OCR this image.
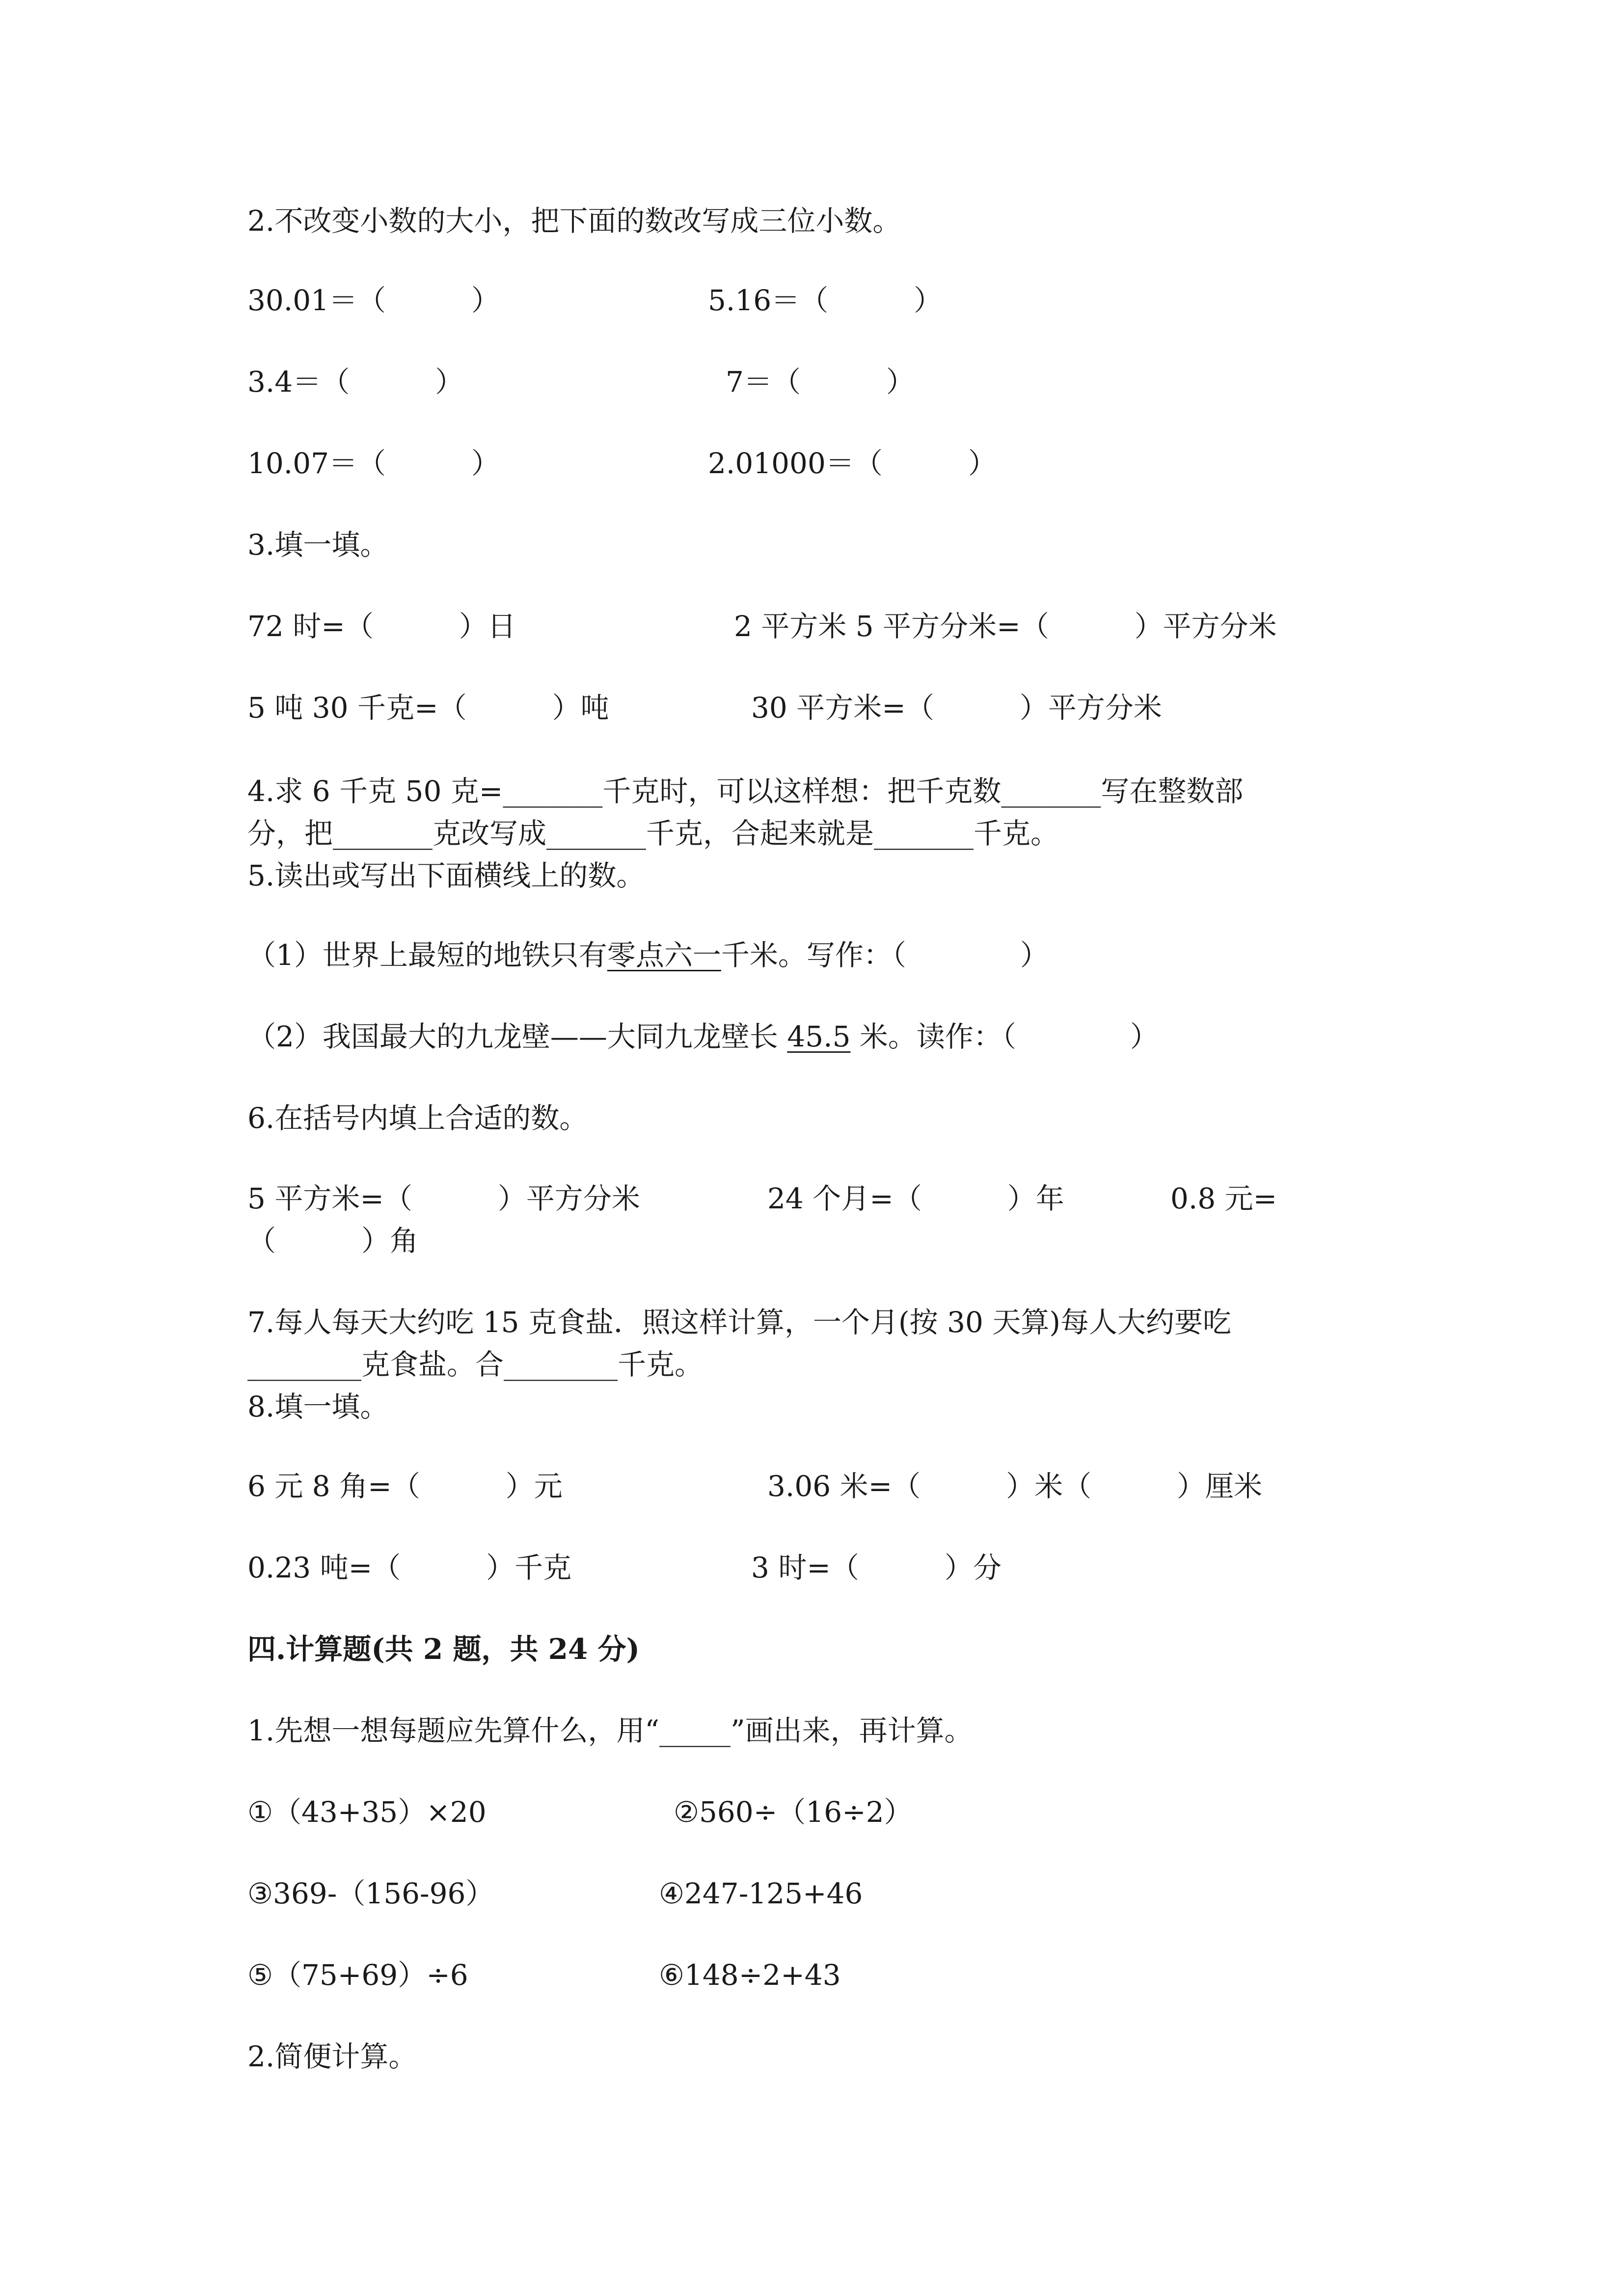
2.不改变小数的大小，把下面的数改写成三位小数。
30.01＝（　　　）	5.16＝（　　　）
3.4＝（　　　）	7＝（　　　）
10.07＝（　　　）	2.01000＝（　　　）
3.填一填。
72 时=（　　　）日	2 平方米 5 平方分米=（　　　）平方分米
5 吨 30 千克=（　　　）吨	30 平方米=（　　　）平方分米
4.求 6 千克 50 克=_______千克时，可以这样想：把千克数_______写在整数部
分，把_______克改写成_______千克，合起来就是_______千克。
5.读出或写出下面横线上的数。
（1）世界上最短的地铁只有零点六一千米。写作：（　　　　）
（2）我国最大的九龙壁——大同九龙壁长 45.5 米。读作：（　　　　）
6.在括号内填上合适的数。
5 平方米=（　　　）平方分米	24 个月=（　　　）年	0.8 元=
（　　　）角
7.每人每天大约吃 15 克食盐．照这样计算，一个月(按 30 天算)每人大约要吃
________克食盐。合________千克。
8.填一填。
6 元 8 角=（　　　）元	3.06 米=（　　　）米（　　　）厘米
0.23 吨=（　　　）千克	3 时=（　　　）分
四.计算题(共 2 题，共 24 分)
1.先想一想每题应先算什么，用“_____”画出来，再计算。
①（43+35）×20	②560÷（16÷2）
③369-（156-96）	④247-125+46
⑤（75+69）÷6	⑥148÷2+43
2.简便计算。
